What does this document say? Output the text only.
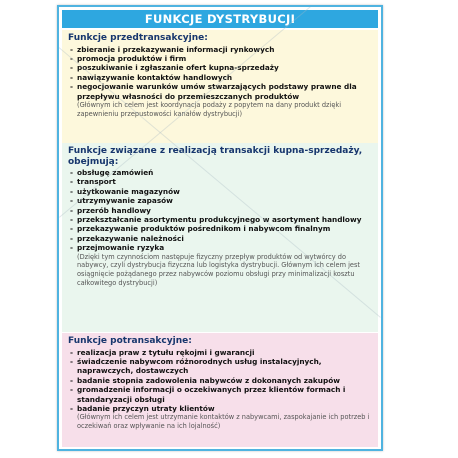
FUNKCJE DYSTRYBUCJI
Funkcje przedtransakcyjne:
- zbieranie i przekazywanie informacji rynkowych
- promocja produktów i firm
- poszukiwanie i zgłaszanie ofert kupna-sprzedaży
- nawiązywanie kontaktów handlowych
- negocjowanie warunków umów stwarzających podstawy prawne dla przepływu własności do przemieszczanych produktów
(Głównym ich celem jest koordynacja podaży z popytem na dany produkt dzięki zapewnieniu przepustowości kanałów dystrybucji)
Funkcje związane z realizacją transakcji kupna-sprzedaży, obejmują:
- obsługę zamówień
- transport
- użytkowanie magazynów
- utrzymywanie zapasów
- przerób handlowy
- przekształcanie asortymentu produkcyjnego w asortyment handlowy
- przekazywanie produktów pośrednikom i nabywcom finalnym
- przekazywanie należności
- przejmowanie ryzyka
(Dzięki tym czynnościom następuje fizyczny przepływ produktów od wytwórcy do nabywcy, czyli dystrybucja fizyczna lub logistyka dystrybucji. Głównym ich celem jest osiągnięcie pożądanego przez nabywców poziomu obsługi przy minimalizacji kosztu całkowitego dystrybucji)
Funkcje potransakcyjne:
- realizacja praw z tytułu rękojmi i gwarancji
- świadczenie nabywcom różnorodnych usług instalacyjnych, naprawczych, dostawczych
- badanie stopnia zadowolenia nabywców z dokonanych zakupów
- gromadzenie informacji o oczekiwanych przez klientów formach i standaryzacji obsługi
- badanie przyczyn utraty klientów
(Głównym ich celem jest utrzymanie kontaktów z nabywcami, zaspokajanie ich potrzeb i oczekiwań oraz wpływanie na ich lojalność)
